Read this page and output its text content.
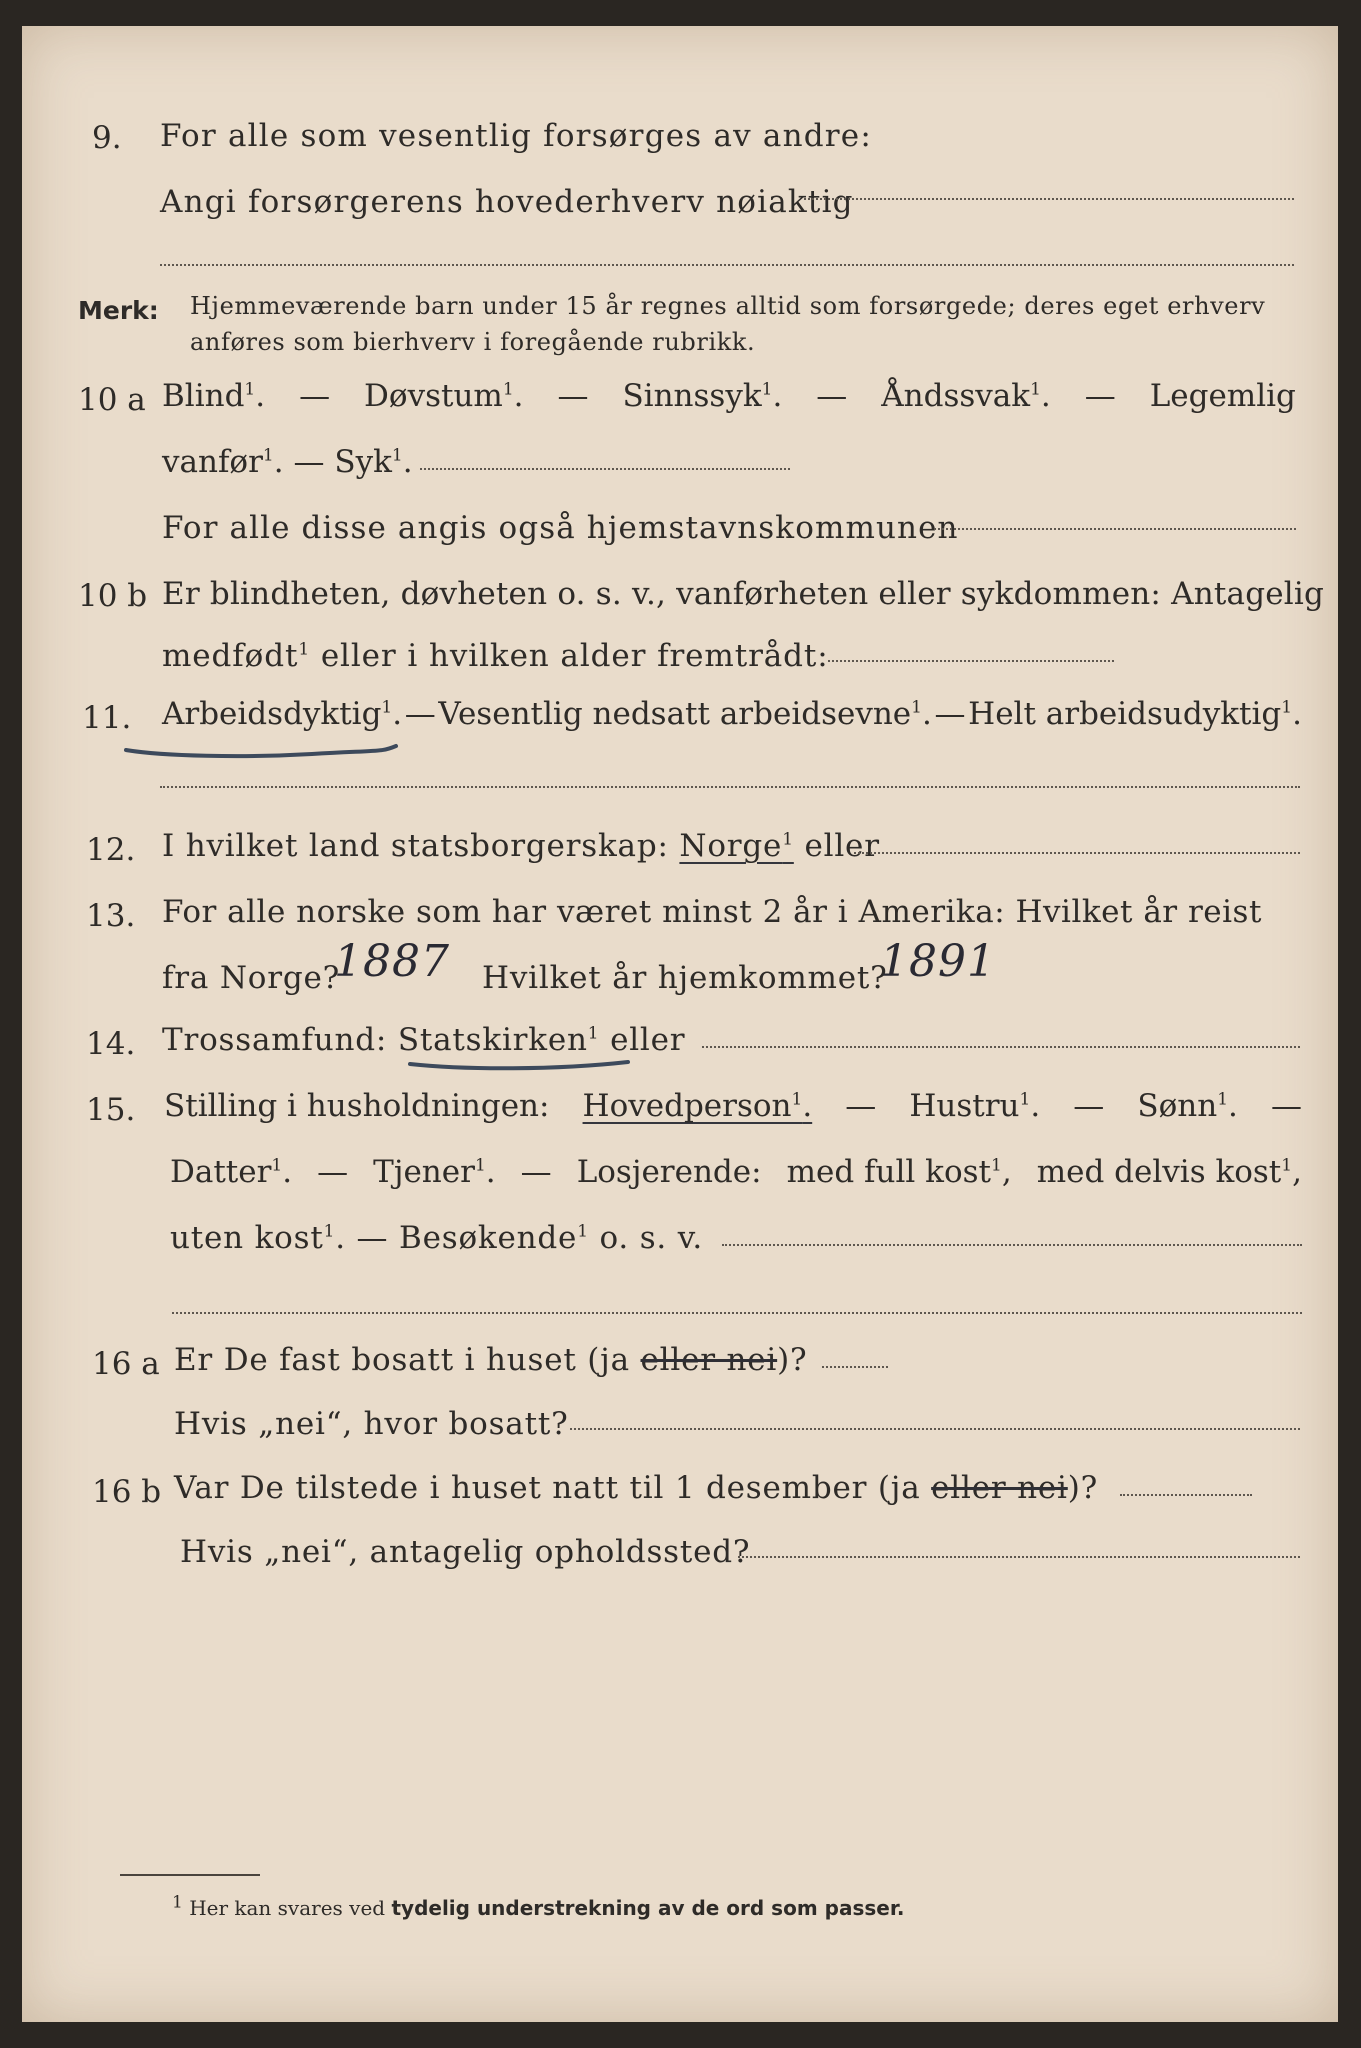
9. For alle som vesentlig forsørges av andre:
Angi forsørgerens hovederhverv nøiaktig
Merk: Hjemmeværende barn under 15 år regnes alltid som forsørgede; deres eget erhverv
anføres som bierhverv i foregående rubrikk.
10 a Blind$^1$. — Døvstum$^1$. — Sinnssyk$^1$. — Åndssvak$^1$. — Legemlig
vanfør$^1$. — Syk$^1$.
For alle disse angis også hjemstavnskommunen
10 b Er blindheten, døvheten o. s. v., vanførheten eller sykdommen: Antagelig
medfødt$^1$ eller i hvilken alder fremtrådt:
11. Arbeidsdyktig$^1$. — Vesentlig nedsatt arbeidsevne$^1$. — Helt arbeidsudyktig$^1$.
12. I hvilket land statsborgerskap: Norge$^1$ eller
13. For alle norske som har været minst 2 år i Amerika: Hvilket år reist
fra Norge?
1887 Hvilket år hjemkommet?
1891
14. Trossamfund: Statskirken$^1$ eller
15. Stilling i husholdningen: Hovedperson$^1$. — Hustru$^1$. — Sønn$^1$. —
Datter$^1$. — Tjener$^1$. — Losjerende: med full kost$^1$, med delvis kost$^1$,
uten kost$^1$. — Besøkende$^1$ o. s. v.
16 a Er De fast bosatt i huset (ja eller nei)?
Hvis „nei“, hvor bosatt?
16 b Var De tilstede i huset natt til 1 desember (ja eller nei)?
Hvis „nei“, antagelig opholdssted?
$^1$ Her kan svares ved tydelig understrekning av de ord som passer.
